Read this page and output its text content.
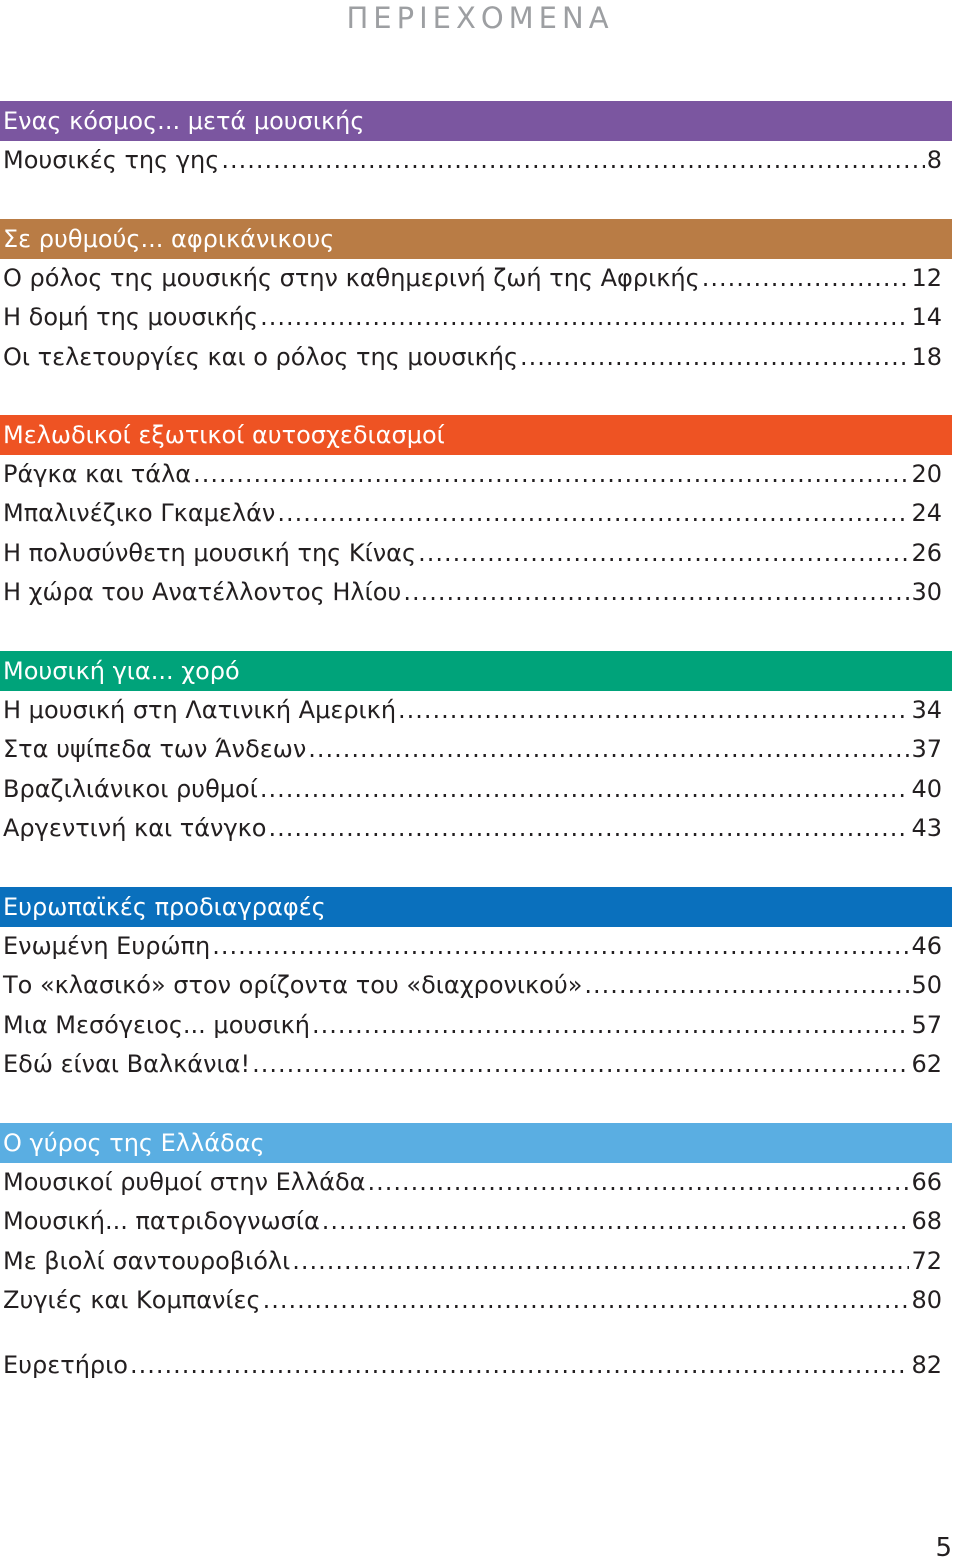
ΠΕΡΙΕΧΟΜΕΝΑ
Ενας κόσμος... μετά μουσικής
Μουσικές της γης .....	8
Σε ρυθμούς... αφρικάνικους
Ο ρόλος της μουσικής στην καθημερινή ζωή της Αφρικής .....	12
Η δομή της μουσικής .....	14
Οι τελετουργίες και ο ρόλος της μουσικής .....	18
Μελωδικοί εξωτικοί αυτοσχεδιασμοί
Ράγκα και τάλα .....	20
Μπαλινέζικο Γκαμελάν .....	24
Η πολυσύνθετη μουσική της Κίνας .....	26
Η χώρα του Ανατέλλοντος Ηλίου .....	30
Μουσική για... χορό
Η μουσική στη Λατινική Αμερική .....	34
Στα υψίπεδα των Άνδεων .....	37
Βραζιλιάνικοι ρυθμοί .....	40
Αργεντινή και τάνγκο .....	43
Ευρωπαϊκές προδιαγραφές
Ενωμένη Ευρώπη .....	46
Το «κλασικό» στον ορίζοντα του «διαχρονικού» .....	50
Μια Μεσόγειος... μουσική .....	57
Εδώ είναι Βαλκάνια! .....	62
Ο γύρος της Ελλάδας
Μουσικοί ρυθμοί στην Ελλάδα .....	66
Μουσική... πατριδογνωσία .....	68
Με βιολί σαντουροβιόλι .....	72
Ζυγιές και Κομπανίες .....	80
Ευρετήριο .....	82
5
